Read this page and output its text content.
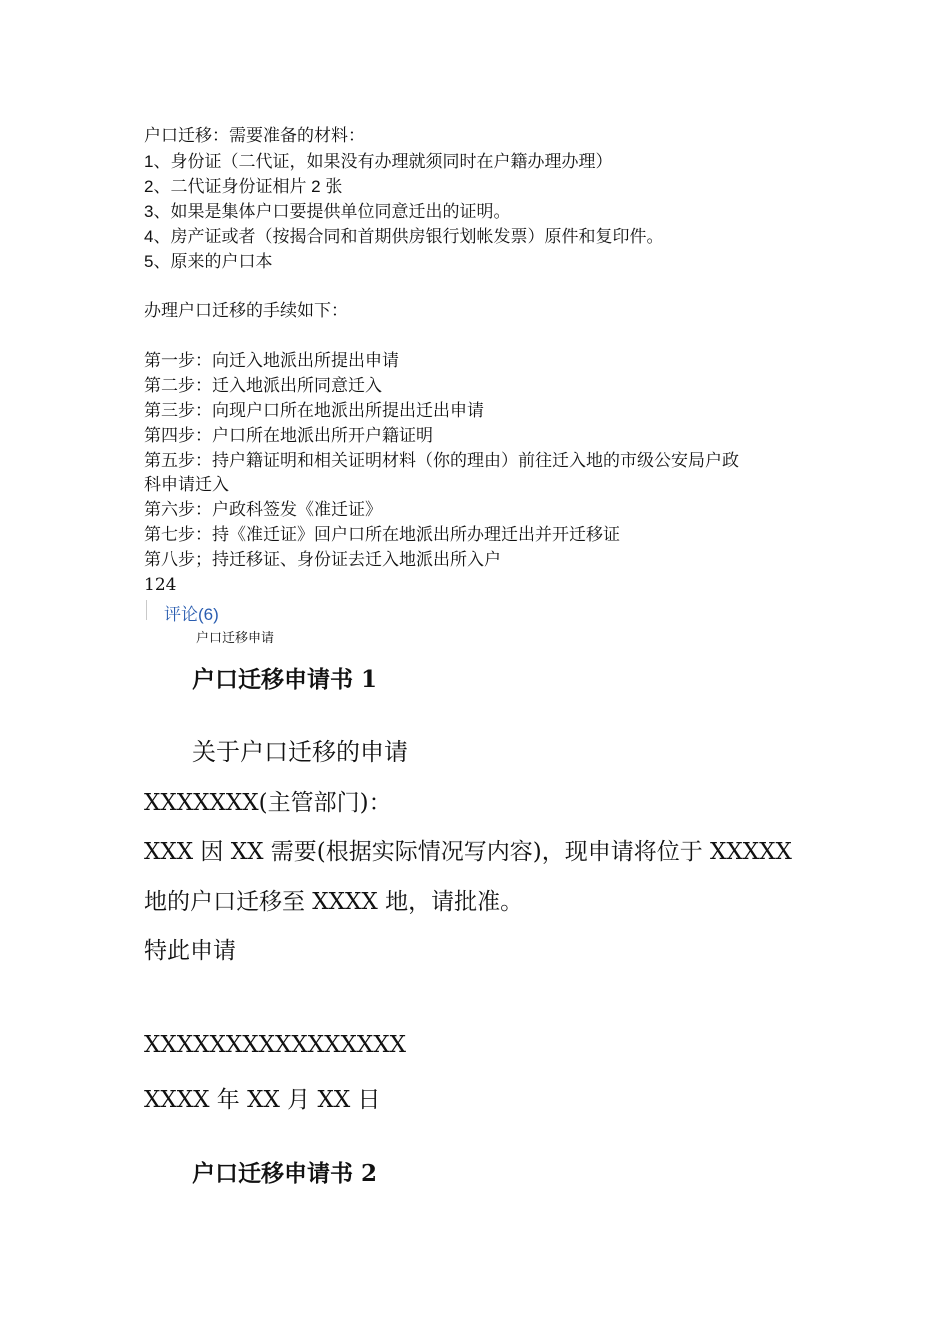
户口迁移：需要准备的材料：
1、身份证（二代证，如果没有办理就须同时在户籍办理办理）
2、二代证身份证相片 2 张
3、如果是集体户口要提供单位同意迁出的证明。
4、房产证或者（按揭合同和首期供房银行划帐发票）原件和复印件。
5、原来的户口本
办理户口迁移的手续如下：
第一步：向迁入地派出所提出申请
第二步：迁入地派出所同意迁入
第三步：向现户口所在地派出所提出迁出申请
第四步：户口所在地派出所开户籍证明
第五步：持户籍证明和相关证明材料（你的理由）前往迁入地的市级公安局户政
科申请迁入
第六步：户政科签发《准迁证》
第七步：持《准迁证》回户口所在地派出所办理迁出并开迁移证
第八步；持迁移证、身份证去迁入地派出所入户
124
评论(6)
户口迁移申请
户口迁移申请书 1
关于户口迁移的申请
XXXXXXX(主管部门)：
XXX 因 XX 需要(根据实际情况写内容)，现申请将位于 XXXXX
地的户口迁移至 XXXX 地，请批准。
特此申请
XXXXXXXXXXXXXXXX
XXXX 年 XX 月 XX 日
户口迁移申请书 2
